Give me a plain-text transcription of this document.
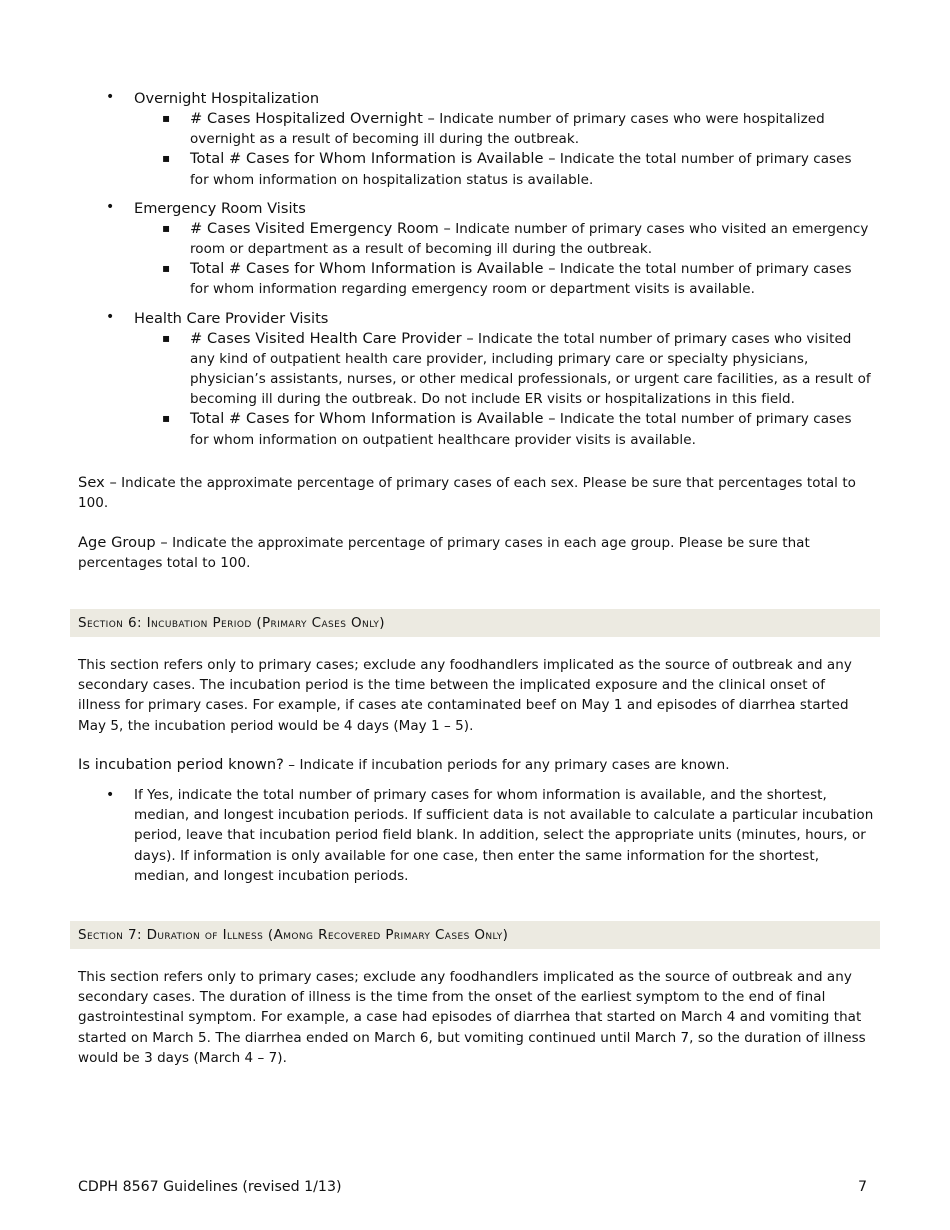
• Overnight Hospitalization
▪ # Cases Hospitalized Overnight – Indicate number of primary cases who were hospitalized overnight as a result of becoming ill during the outbreak.
▪ Total # Cases for Whom Information is Available – Indicate the total number of primary cases for whom information on hospitalization status is available.
• Emergency Room Visits
▪ # Cases Visited Emergency Room – Indicate number of primary cases who visited an emergency room or department as a result of becoming ill during the outbreak.
▪ Total # Cases for Whom Information is Available – Indicate the total number of primary cases for whom information regarding emergency room or department visits is available.
• Health Care Provider Visits
▪ # Cases Visited Health Care Provider – Indicate the total number of primary cases who visited any kind of outpatient health care provider, including primary care or specialty physicians, physician’s assistants, nurses, or other medical professionals, or urgent care facilities, as a result of becoming ill during the outbreak. Do not include ER visits or hospitalizations in this field.
▪ Total # Cases for Whom Information is Available – Indicate the total number of primary cases for whom information on outpatient healthcare provider visits is available.

Sex – Indicate the approximate percentage of primary cases of each sex. Please be sure that percentages total to 100.

Age Group – Indicate the approximate percentage of primary cases in each age group. Please be sure that percentages total to 100.

Section 6: Incubation Period (Primary Cases Only)

This section refers only to primary cases; exclude any foodhandlers implicated as the source of outbreak and any secondary cases. The incubation period is the time between the implicated exposure and the clinical onset of illness for primary cases. For example, if cases ate contaminated beef on May 1 and episodes of diarrhea started May 5, the incubation period would be 4 days (May 1 – 5).

Is incubation period known? – Indicate if incubation periods for any primary cases are known.

• If Yes, indicate the total number of primary cases for whom information is available, and the shortest, median, and longest incubation periods. If sufficient data is not available to calculate a particular incubation period, leave that incubation period field blank. In addition, select the appropriate units (minutes, hours, or days). If information is only available for one case, then enter the same information for the shortest, median, and longest incubation periods.
Section 7: Duration of Illness (Among Recovered Primary Cases Only)

This section refers only to primary cases; exclude any foodhandlers implicated as the source of outbreak and any secondary cases. The duration of illness is the time from the onset of the earliest symptom to the end of final gastrointestinal symptom. For example, a case had episodes of diarrhea that started on March 4 and vomiting that started on March 5. The diarrhea ended on March 6, but vomiting continued until March 7, so the duration of illness would be 3 days (March 4 – 7).

CDPH 8567 Guidelines (revised 1/13)	7
